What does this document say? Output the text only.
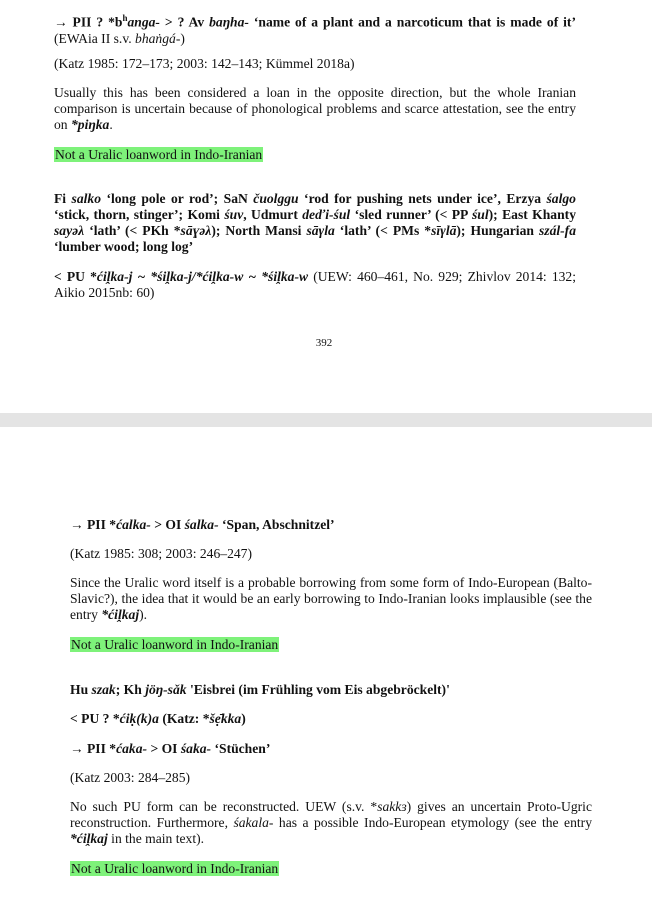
→ PII ? $*b^hanga-$ > ? Av baŋha- ‘name of a plant and a narcoticum that is made of it’ (EWAia II s.v. bhaṅgá-)

(Katz 1985: 172–173; 2003: 142–143; Kümmel 2018a)

Usually this has been considered a loan in the opposite direction, but the whole Iranian comparison is uncertain because of phonological problems and scarce attestation, see the entry on *piŋka.

Not a Uralic loanword in Indo-Iranian

Fi salko ‘long pole or rod’; SaN čuolggu ‘rod for pushing nets under ice’, Erzya śalgo ‘stick, thorn, stinger’; Komi śuv, Udmurt dеďi-śul ‘sled runner’ (< PP śul); East Khanty sayəλ ‘lath’ (< PKh *sāɣəλ); North Mansi sāγla ‘lath’ (< PMs *sīγlā); Hungarian szál-fa ‘lumber wood; long log’

< PU *ćiḽka-j ~ *śiḽka-j/*ćiḽka-w ~ *śiḽka-w (UEW: 460–461, No. 929; Zhivlov 2014: 132; Aikio 2015nb: 60)

392

→ PII *ćalka- > OI śalka- ‘Span, Abschnitzel’

(Katz 1985: 308; 2003: 246–247)

Since the Uralic word itself is a probable borrowing from some form of Indo-European (Balto-Slavic?), the idea that it would be an early borrowing to Indo-Iranian looks implausible (see the entry *ćiḽkaj).

Not a Uralic loanword in Indo-Iranian

Hu szak; Kh jöŋ-sǎk 'Eisbrei (im Frühling vom Eis abgebröckelt)'

< PU ? *ćiḳ(k)a (Katz: *šẹ̄kka)

→ PII *ćaka- > OI śaka- ‘Stüchen’

(Katz 2003: 284–285)

No such PU form can be reconstructed. UEW (s.v. *sakkɜ) gives an uncertain Proto-Ugric reconstruction. Furthermore, śakala- has a possible Indo-European etymology (see the entry *ćiḽkaj in the main text).

Not a Uralic loanword in Indo-Iranian
